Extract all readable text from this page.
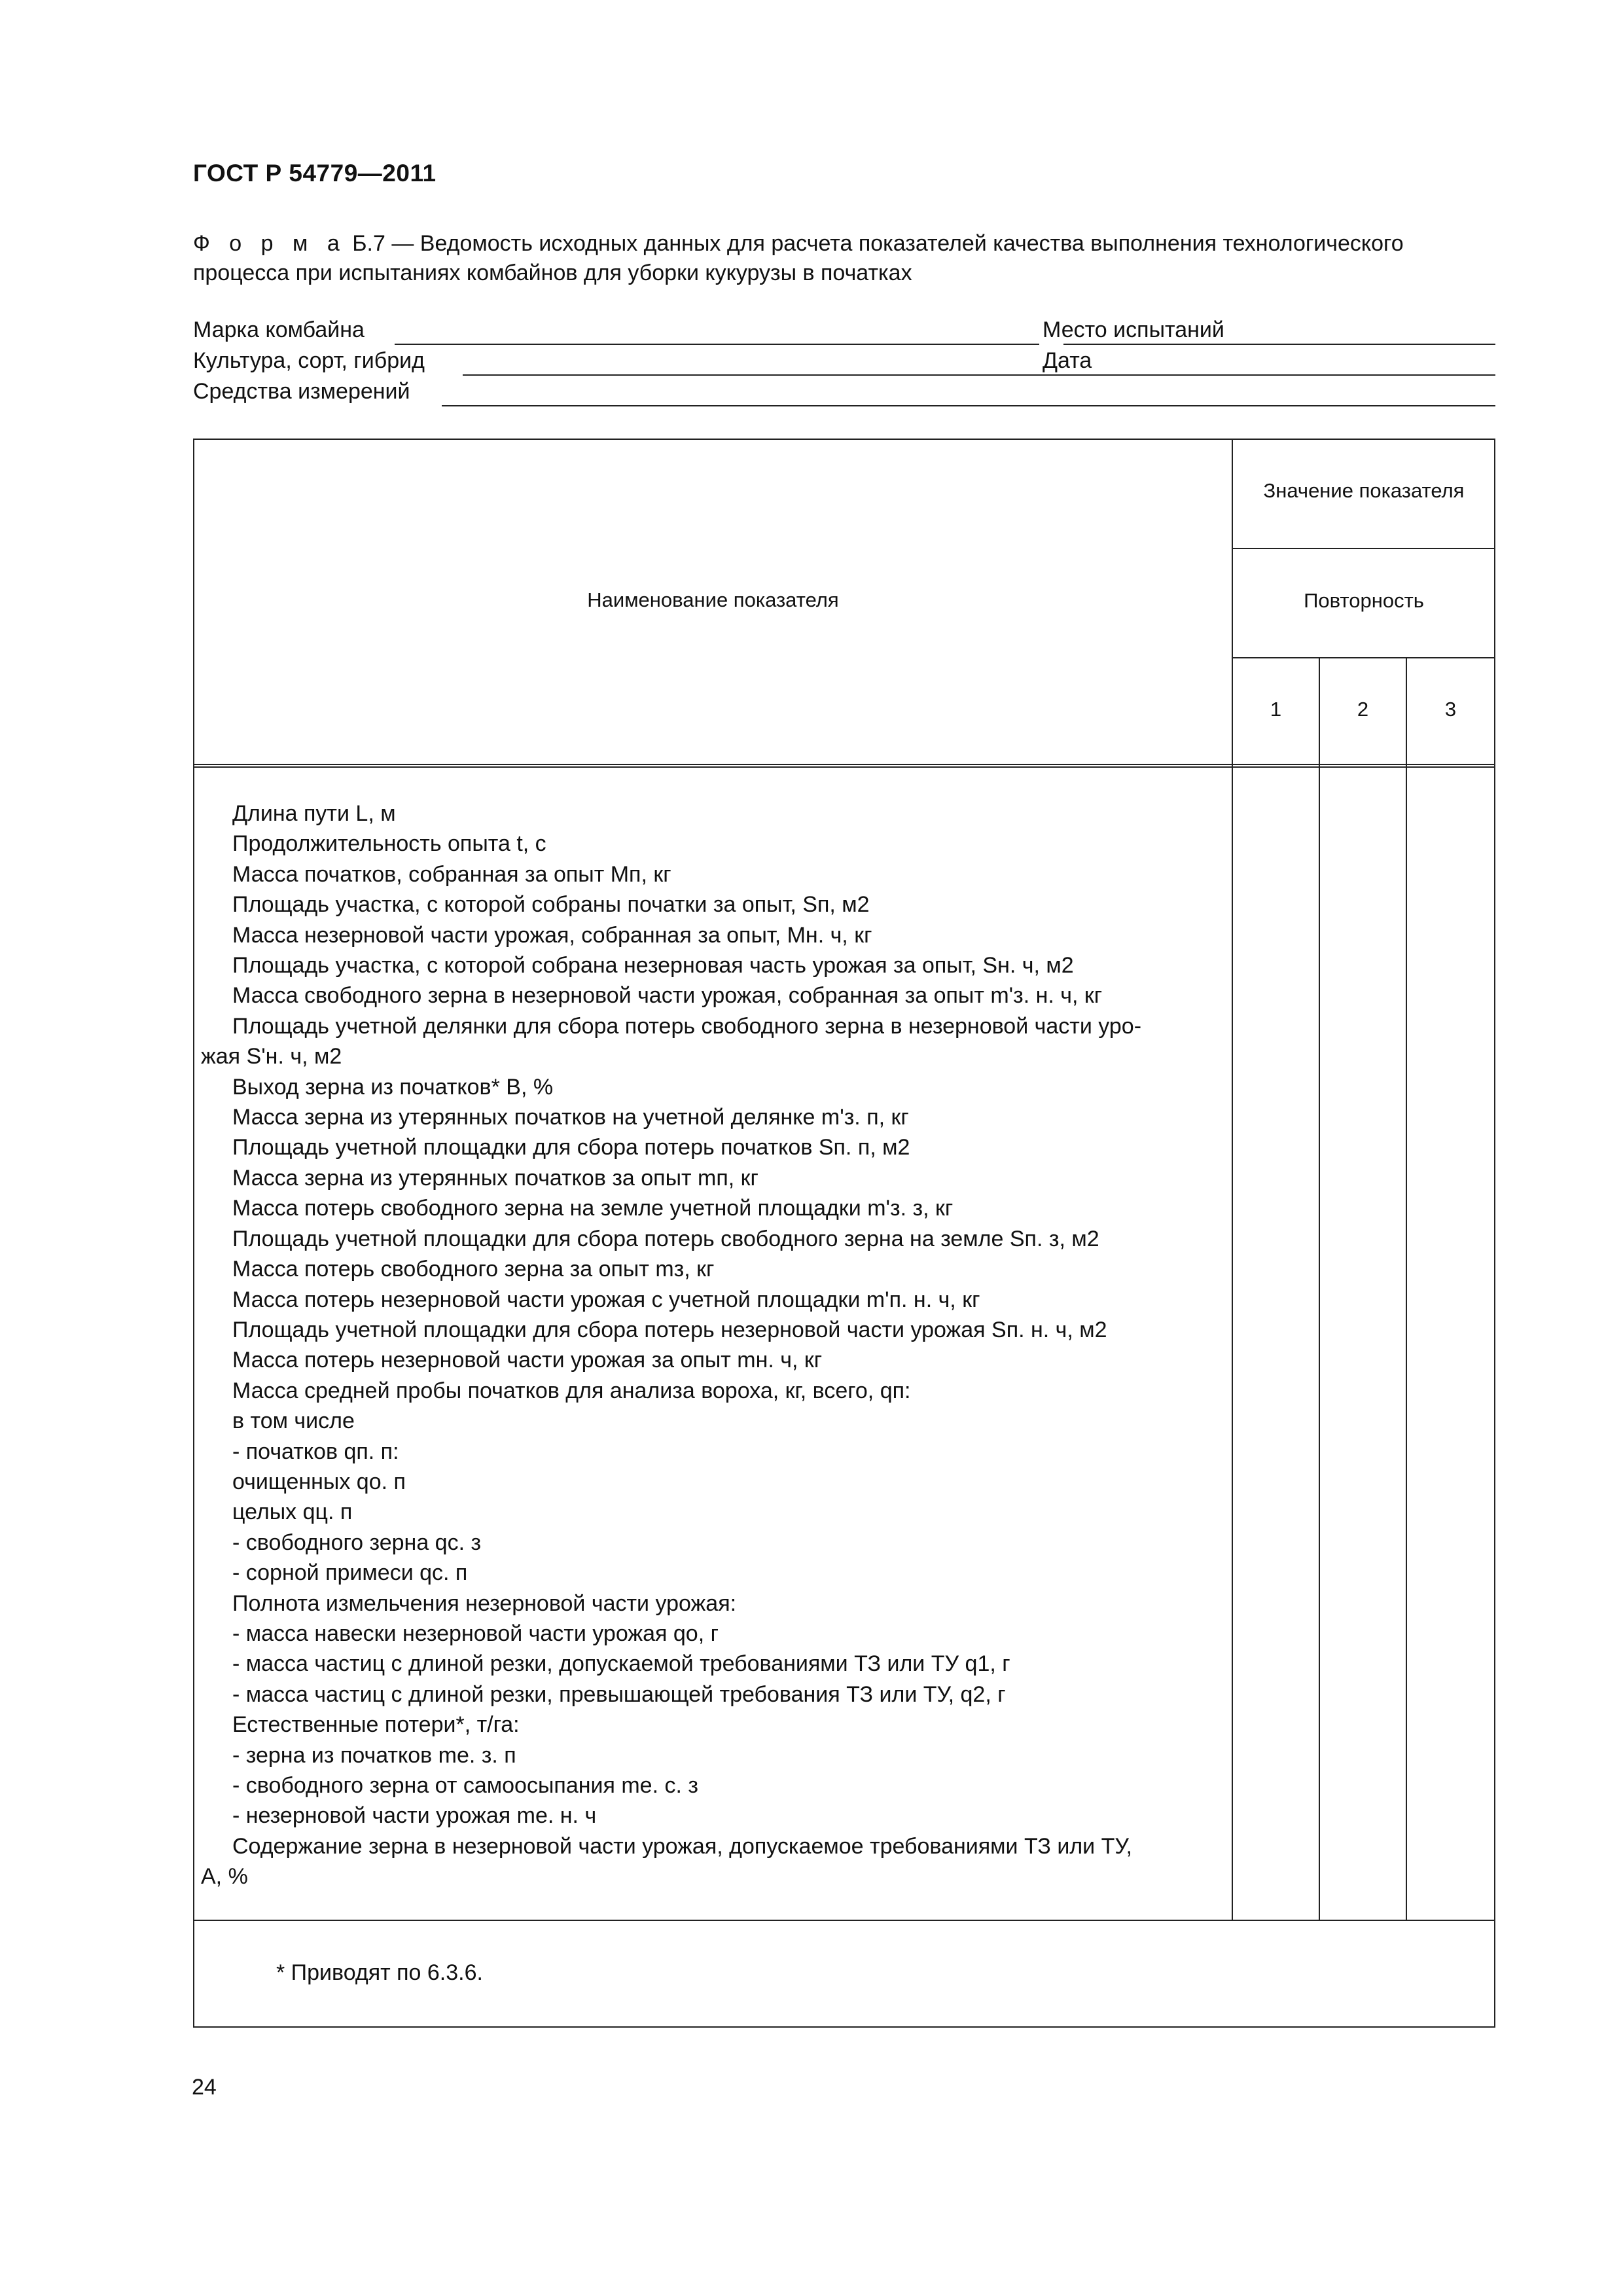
ГОСТ Р 54779—2011
Ф о р м а Б.7 — Ведомость исходных данных для расчета показателей качества выполнения технологического процесса при испытаниях комбайнов для уборки кукурузы в початках
Марка комбайна	Место испытаний
Культура, сорт, гибрид	Дата
Средства измерений
Наименование показателя
Значение показателя
Повторность
1	2	3
Длина пути L, м
Продолжительность опыта t, с
Масса початков, собранная за опыт Mп, кг
Площадь участка, с которой собраны початки за опыт, Sп, м2
Масса незерновой части урожая, собранная за опыт, Mн. ч, кг
Площадь участка, с которой собрана незерновая часть урожая за опыт, Sн. ч, м2
Масса свободного зерна в незерновой части урожая, собранная за опыт m'з. н. ч, кг
Площадь учетной делянки для сбора потерь свободного зерна в незерновой части уро-
жая S'н. ч, м2
Выход зерна из початков* B, %
Масса зерна из утерянных початков на учетной делянке m'з. п, кг
Площадь учетной площадки для сбора потерь початков Sп. п, м2
Масса зерна из утерянных початков за опыт mп, кг
Масса потерь свободного зерна на земле учетной площадки m'з. з, кг
Площадь учетной площадки для сбора потерь свободного зерна на земле Sп. з, м2
Масса потерь свободного зерна за опыт mз, кг
Масса потерь незерновой части урожая с учетной площадки m'п. н. ч, кг
Площадь учетной площадки для сбора потерь незерновой части урожая Sп. н. ч, м2
Масса потерь незерновой части урожая за опыт mн. ч, кг
Масса средней пробы початков для анализа вороха, кг, всего, qп:
в том числе
- початков qп. п:
очищенных qо. п
целых qц. п
- свободного зерна qс. з
- сорной примеси qс. п
Полнота измельчения незерновой части урожая:
- масса навески незерновой части урожая qо, г
- масса частиц с длиной резки, допускаемой требованиями ТЗ или ТУ q1, г
- масса частиц с длиной резки, превышающей требования ТЗ или ТУ, q2, г
Естественные потери*, т/га:
- зерна из початков mе. з. п
- свободного зерна от самоосыпания mе. с. з
- незерновой части урожая mе. н. ч
Содержание зерна в незерновой части урожая, допускаемое требованиями ТЗ или ТУ,
A, %
* Приводят по 6.3.6.
24
